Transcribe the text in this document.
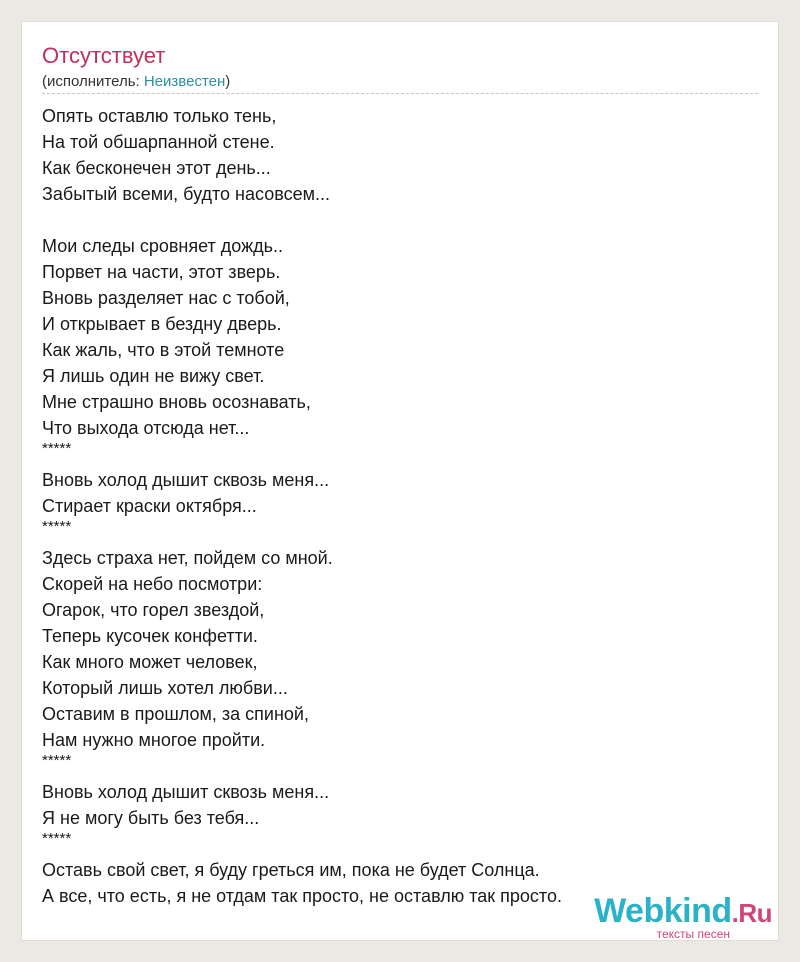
Отсутствует
(исполнитель: Неизвестен)
Опять оставлю только тень,
На той обшарпанной стене.
Как бесконечен этот день...
Забытый всеми, будто насовсем...
Мои следы сровняет дождь..
Порвет на части, этот зверь.
Вновь разделяет нас с тобой,
И открывает в бездну дверь.
Как жаль, что в этой темноте
Я лишь один не вижу свет.
Мне страшно вновь осознавать,
Что выхода отсюда нет...
*****
Вновь холод дышит сквозь меня...
Стирает краски октября...
*****
Здесь страха нет, пойдем со мной.
Скорей на небо посмотри:
Огарок, что горел звездой,
Теперь кусочек конфетти.
Как много может человек,
Который лишь хотел любви...
Оставим в прошлом, за спиной,
Нам нужно многое пройти.
*****
Вновь холод дышит сквозь меня...
Я не могу быть без тебя...
*****
Оставь свой свет, я буду греться им, пока не будет Солнца.
А все, что есть, я не отдам так просто, не оставлю так просто. Webkind.Ru
тексты песен
